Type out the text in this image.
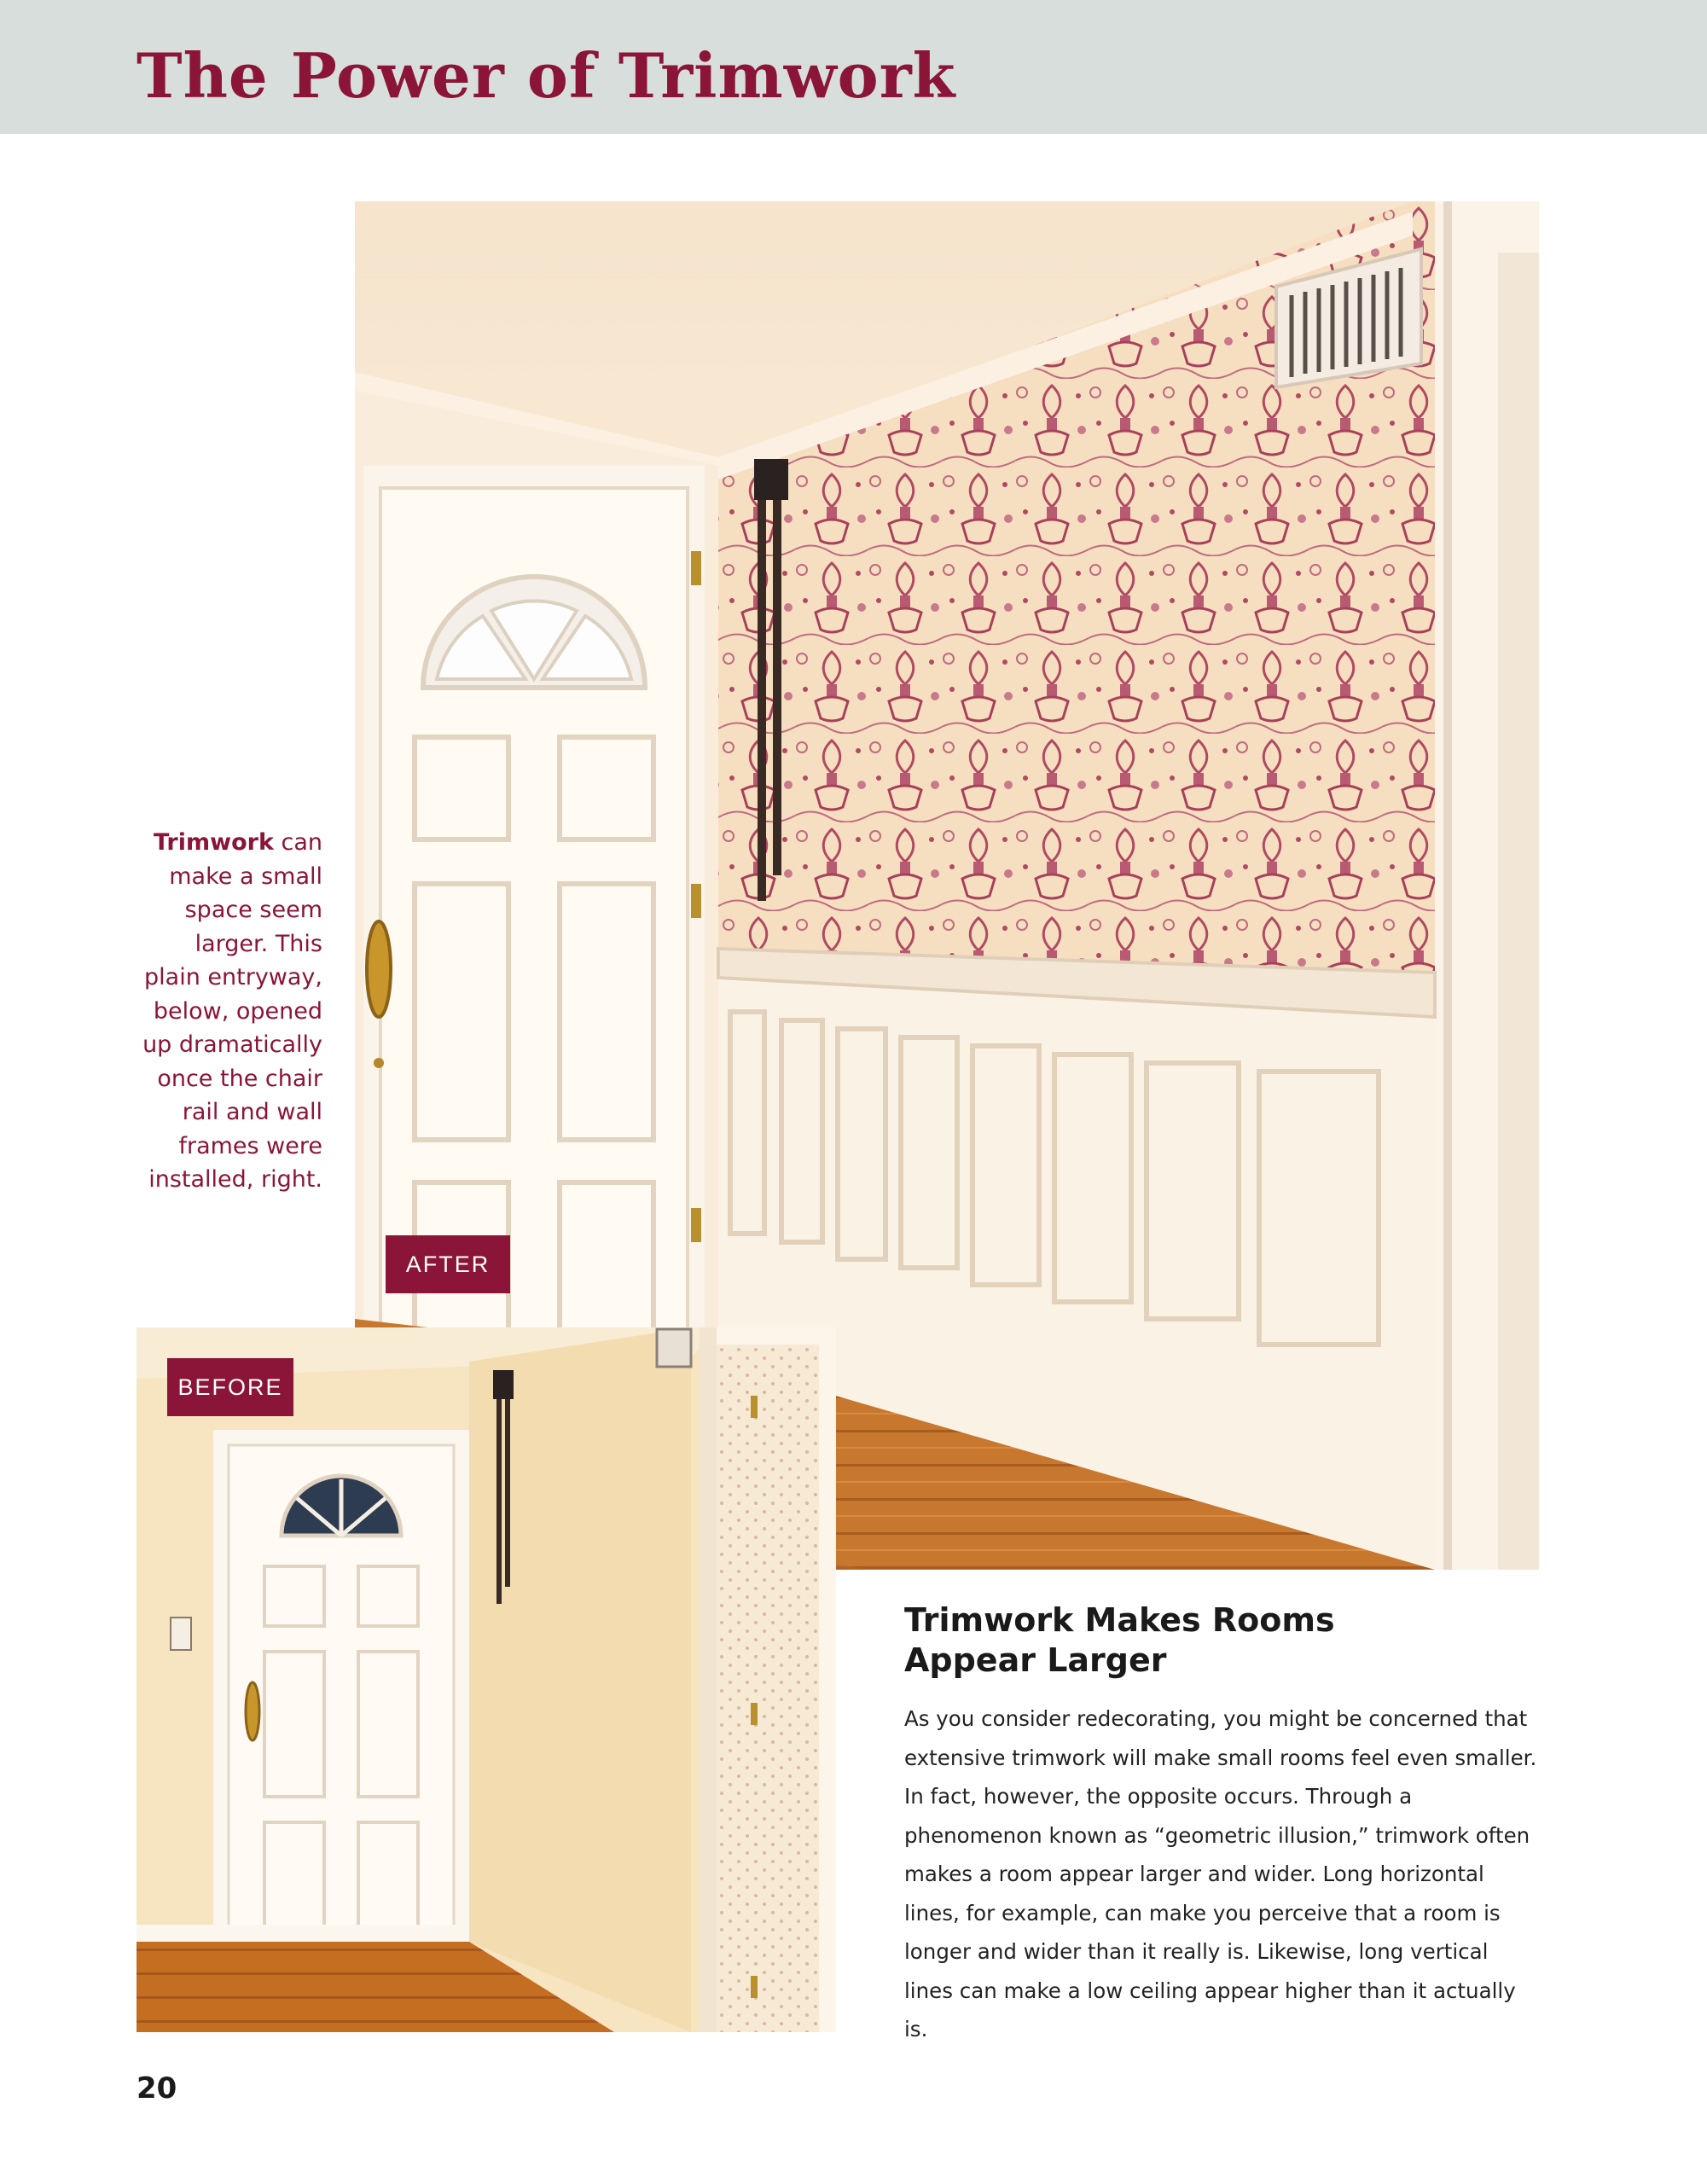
The Power of Trimwork
AFTER
BEFORE
Trimwork can make a small space seem larger. This plain entryway, below, opened up dramatically once the chair rail and wall frames were installed, right.
Trimwork Makes Rooms
Appear Larger

As you consider redecorating, you might be concerned that extensive trimwork will make small rooms feel even smaller. In fact, however, the opposite occurs. Through a phenomenon known as “geometric illusion,” trimwork often makes a room appear larger and wider. Long horizontal lines, for example, can make you perceive that a room is longer and wider than it really is. Likewise, long vertical lines can make a low ceiling appear higher than it actually is.

20
